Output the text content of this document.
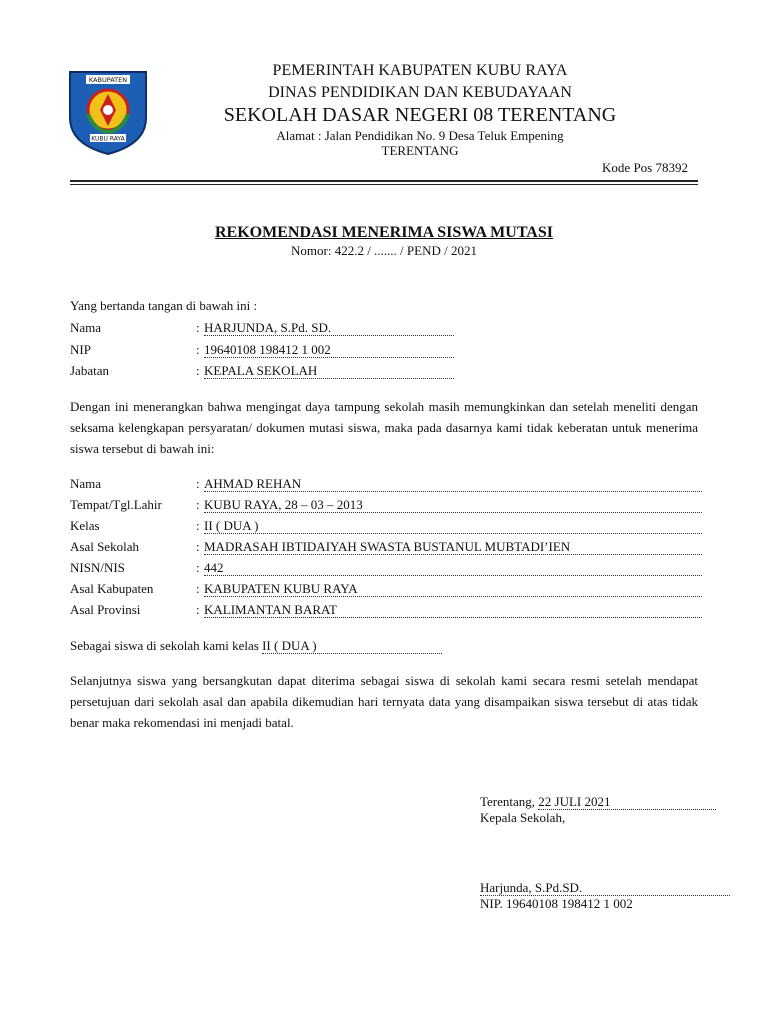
KABUPATEN
KUBU RAYA
PEMERINTAH KABUPATEN KUBU RAYA
DINAS PENDIDIKAN DAN KEBUDAYAAN
SEKOLAH DASAR NEGERI 08 TERENTANG
Alamat : Jalan Pendidikan No. 9 Desa Teluk Empening
TERENTANG
Kode Pos 78392
REKOMENDASI MENERIMA SISWA MUTASI
Nomor: 422.2 / ....... / PEND / 2021
Yang bertanda tangan di bawah ini :
Nama	: HARJUNDA, S.Pd. SD.
NIP	: 19640108 198412 1 002
Jabatan	: KEPALA SEKOLAH
Dengan ini menerangkan bahwa mengingat daya tampung sekolah masih memungkinkan dan setelah meneliti dengan seksama kelengkapan persyaratan/ dokumen mutasi siswa, maka pada dasarnya kami tidak keberatan untuk menerima siswa tersebut di bawah ini:
Nama	: AHMAD REHAN
Tempat/Tgl.Lahir	: KUBU RAYA, 28 – 03 – 2013
Kelas	: II ( DUA )
Asal Sekolah	: MADRASAH IBTIDAIYAH SWASTA BUSTANUL MUBTADI’IEN
NISN/NIS	: 442
Asal Kabupaten	: KABUPATEN KUBU RAYA
Asal Provinsi	: KALIMANTAN BARAT
Sebagai siswa di sekolah kami kelas II ( DUA )
Selanjutnya siswa yang bersangkutan dapat diterima sebagai siswa di sekolah kami secara resmi setelah mendapat persetujuan dari sekolah asal dan apabila dikemudian hari ternyata data yang disampaikan siswa tersebut di atas tidak benar maka rekomendasi ini menjadi batal.
Terentang, 22 JULI 2021
Kepala Sekolah,
Harjunda, S.Pd.SD.
NIP. 19640108 198412 1 002
